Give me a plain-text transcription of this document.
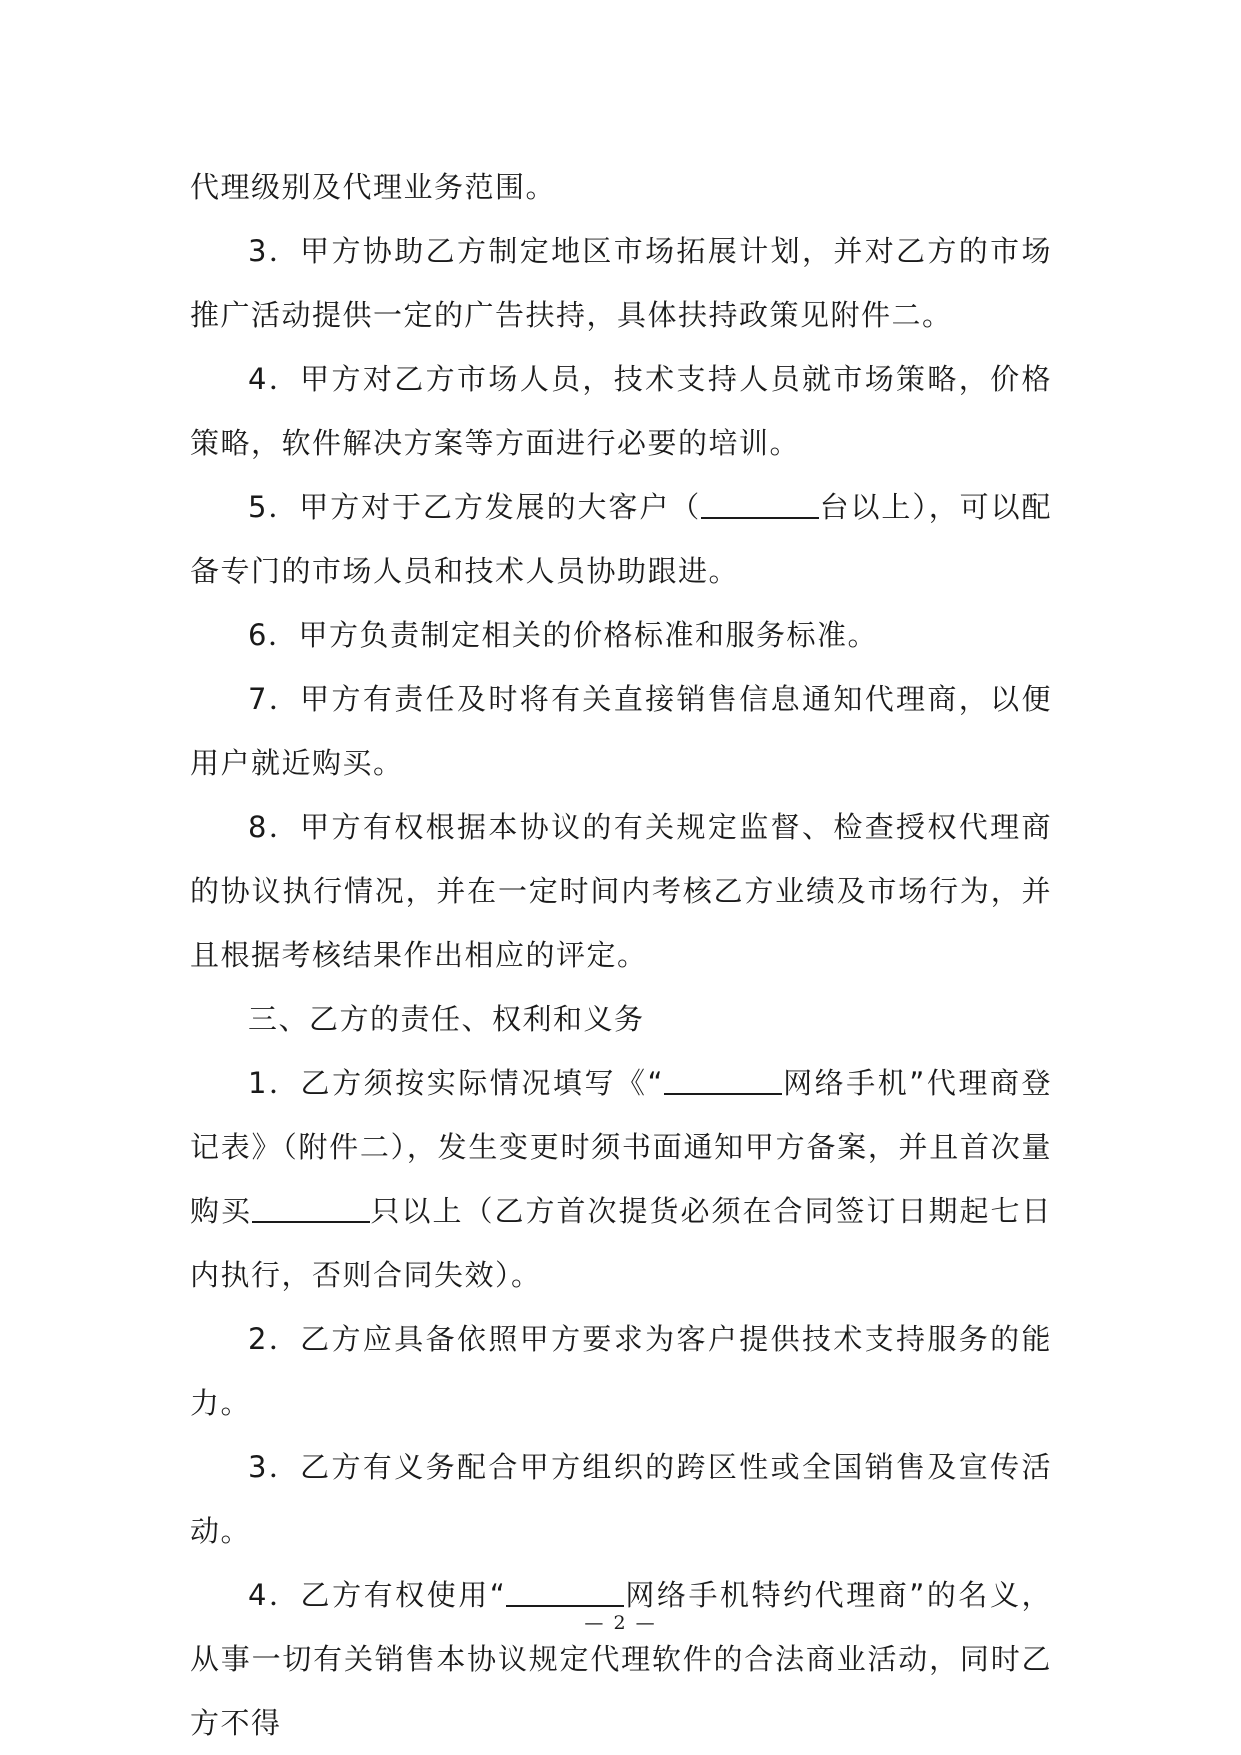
代理级别及代理业务范围。

3．甲方协助乙方制定地区市场拓展计划，并对乙方的市场推广活动提供一定的广告扶持，具体扶持政策见附件二。

4．甲方对乙方市场人员，技术支持人员就市场策略，价格策略，软件解决方案等方面进行必要的培训。

5．甲方对于乙方发展的大客户（	台以上），可以配备专门的市场人员和技术人员协助跟进。

6．甲方负责制定相关的价格标准和服务标准。

7．甲方有责任及时将有关直接销售信息通知代理商，以便用户就近购买。

8．甲方有权根据本协议的有关规定监督、检查授权代理商的协议执行情况，并在一定时间内考核乙方业绩及市场行为，并且根据考核结果作出相应的评定。

三、乙方的责任、权利和义务

1．乙方须按实际情况填写《“	网络手机”代理商登记表》（附件二），发生变更时须书面通知甲方备案，并且首次量购买	只以上（乙方首次提货必须在合同签订日期起七日内执行，否则合同失效）。

2．乙方应具备依照甲方要求为客户提供技术支持服务的能力。

3．乙方有义务配合甲方组织的跨区性或全国销售及宣传活动。

4．乙方有权使用“	网络手机特约代理商”的名义，从事一切有关销售本协议规定代理软件的合法商业活动，同时乙方不得

— 2 —
